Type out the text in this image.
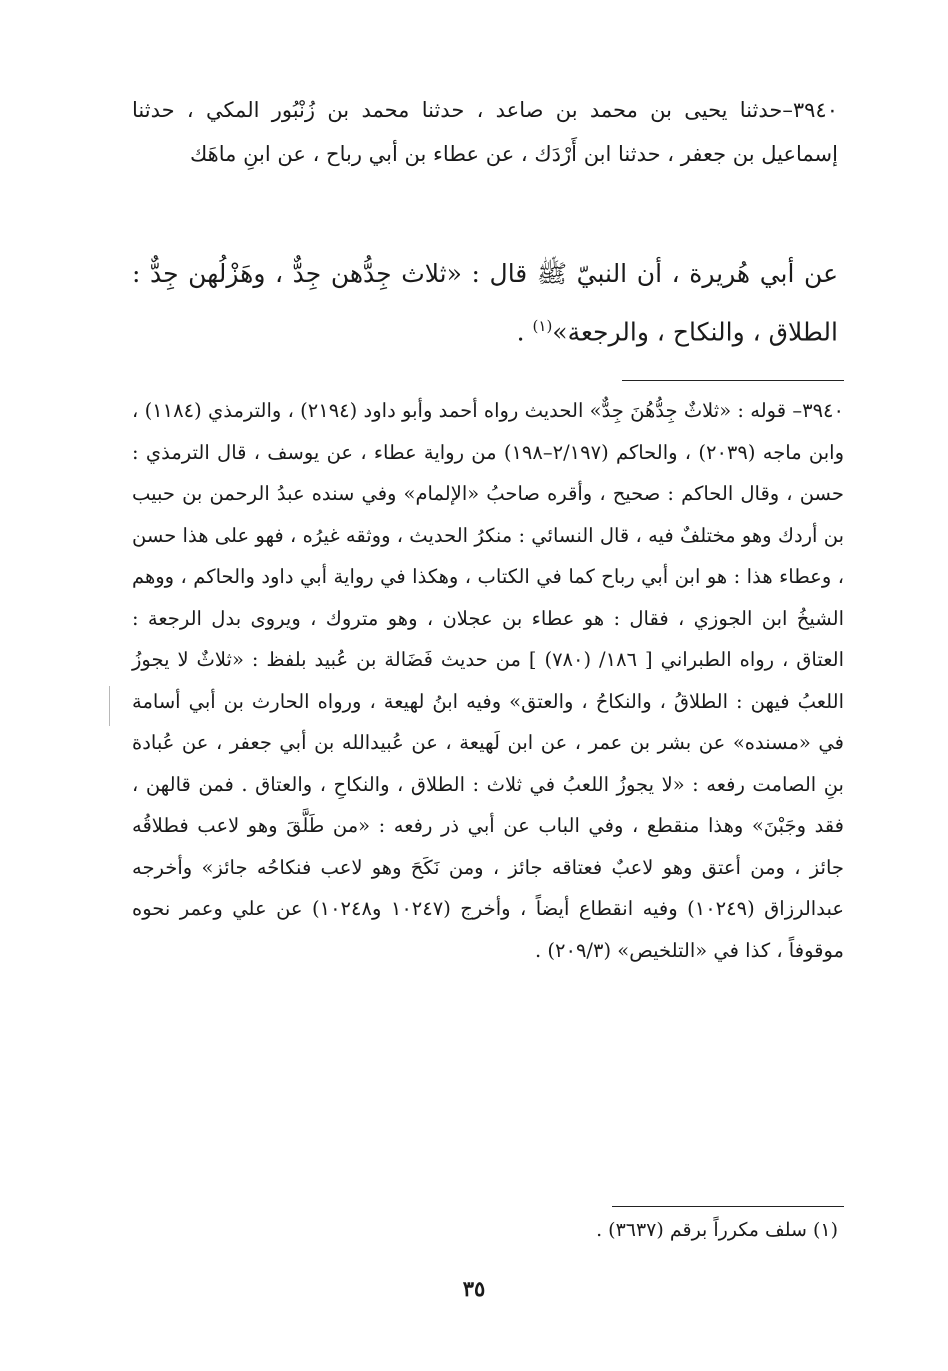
٣٩٤٠–حدثنا يحيى بن محمد بن صاعد ، حدثنا محمد بن زُنْبُور المكي ، حدثنا إسماعيل بن جعفر ، حدثنا ابن أَرْدَك ، عن عطاء بن أبي رباح ، عن ابنِ ماهَك

عن أبي هُريرة ، أن النبيّ ﷺ قال : «ثلاث جِدُّهن جِدٌّ ، وهَزْلُهن جِدٌّ : الطلاق ، والنكاح ، والرجعة»$^{(١)}$ .

٣٩٤٠– قوله : «ثلاثٌ جِدُّهُنَ جِدٌّ» الحديث رواه أحمد وأبو داود (٢١٩٤) ، والترمذي (١١٨٤) ، وابن ماجه (٢٠٣٩) ، والحاكم (٢/١٩٧–١٩٨) من رواية عطاء ، عن يوسف ، قال الترمذي : حسن ، وقال الحاكم : صحيح ، وأقره صاحبُ «الإلمام» وفي سنده عبدُ الرحمن بن حبيب بن أردك وهو مختلفٌ فيه ، قال النسائي : منكرُ الحديث ، ووثقه غيرُه ، فهو على هذا حسن ، وعطاء هذا : هو ابن أبي رباح كما في الكتاب ، وهكذا في رواية أبي داود والحاكم ، ووهم الشيخُ ابن الجوزي ، فقال : هو عطاء بن عجلان ، وهو متروك ، ويروى بدل الرجعة : العتاق ، رواه الطبراني [ ١٨٦/ (٧٨٠) ] من حديث فَضَالة بن عُبيد بلفظ : «ثلاثٌ لا يجوزُ اللعبُ فيهن : الطلاقُ ، والنكاحُ ، والعتق» وفيه ابنُ لهيعة ، ورواه الحارث بن أبي أسامة في «مسنده» عن بشر بن عمر ، عن ابن لَهيعة ، عن عُبيدالله بن أبي جعفر ، عن عُبادة بنِ الصامت رفعه : «لا يجوزُ اللعبُ في ثلاث : الطلاق ، والنكاحِ ، والعتاق . فمن قالهن ، فقد وجَبْنَ» وهذا منقطع ، وفي الباب عن أبي ذر رفعه : «من طَلَّقَ وهو لاعب فطلاقُه جائز ، ومن أعتق وهو لاعبٌ فعتاقه جائز ، ومن نَكَحَ وهو لاعب فنكاحُه جائز» وأخرجه عبدالرزاق (١٠٢٤٩) وفيه انقطاع أيضاً ، وأخرج (١٠٢٤٧ و١٠٢٤٨) عن علي وعمر نحوه موقوفاً ، كذا في «التلخيص» (٢٠٩/٣) .

(١) سلف مكرراً برقم (٣٦٣٧) .

٣٥
